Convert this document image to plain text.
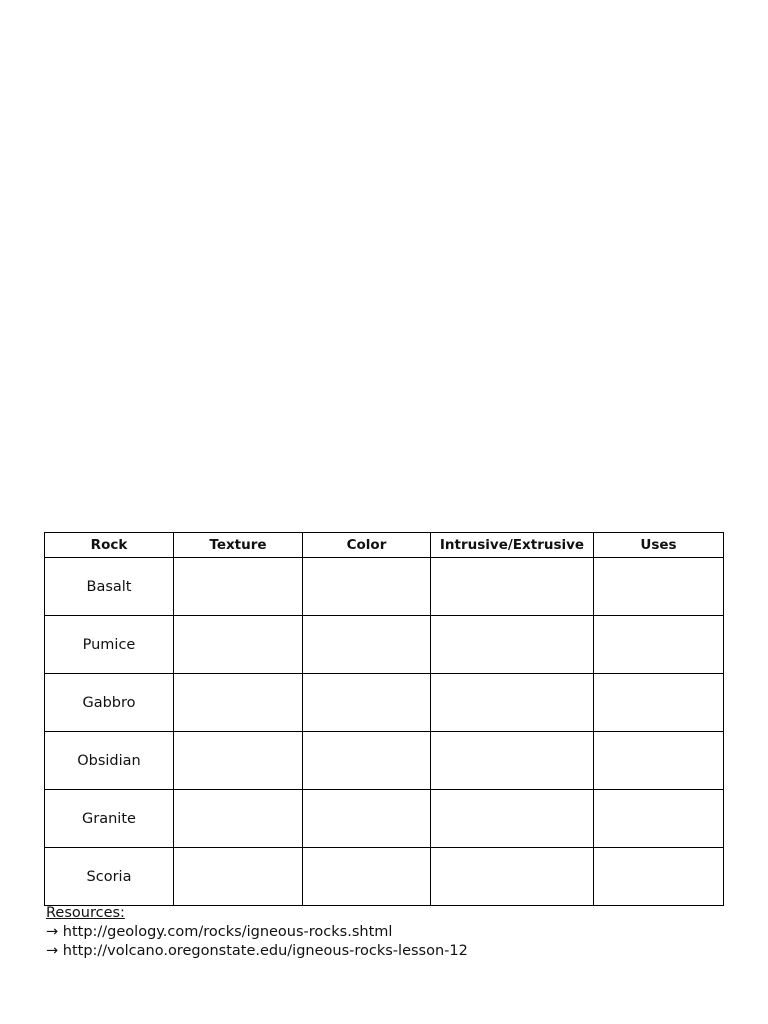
Rock	Texture	Color	Intrusive/Extrusive	Uses
Basalt				
Pumice				
Gabbro				
Obsidian				
Granite				
Scoria				
Resources:
→ http://geology.com/rocks/igneous-rocks.shtml
→ http://volcano.oregonstate.edu/igneous-rocks-lesson-12
